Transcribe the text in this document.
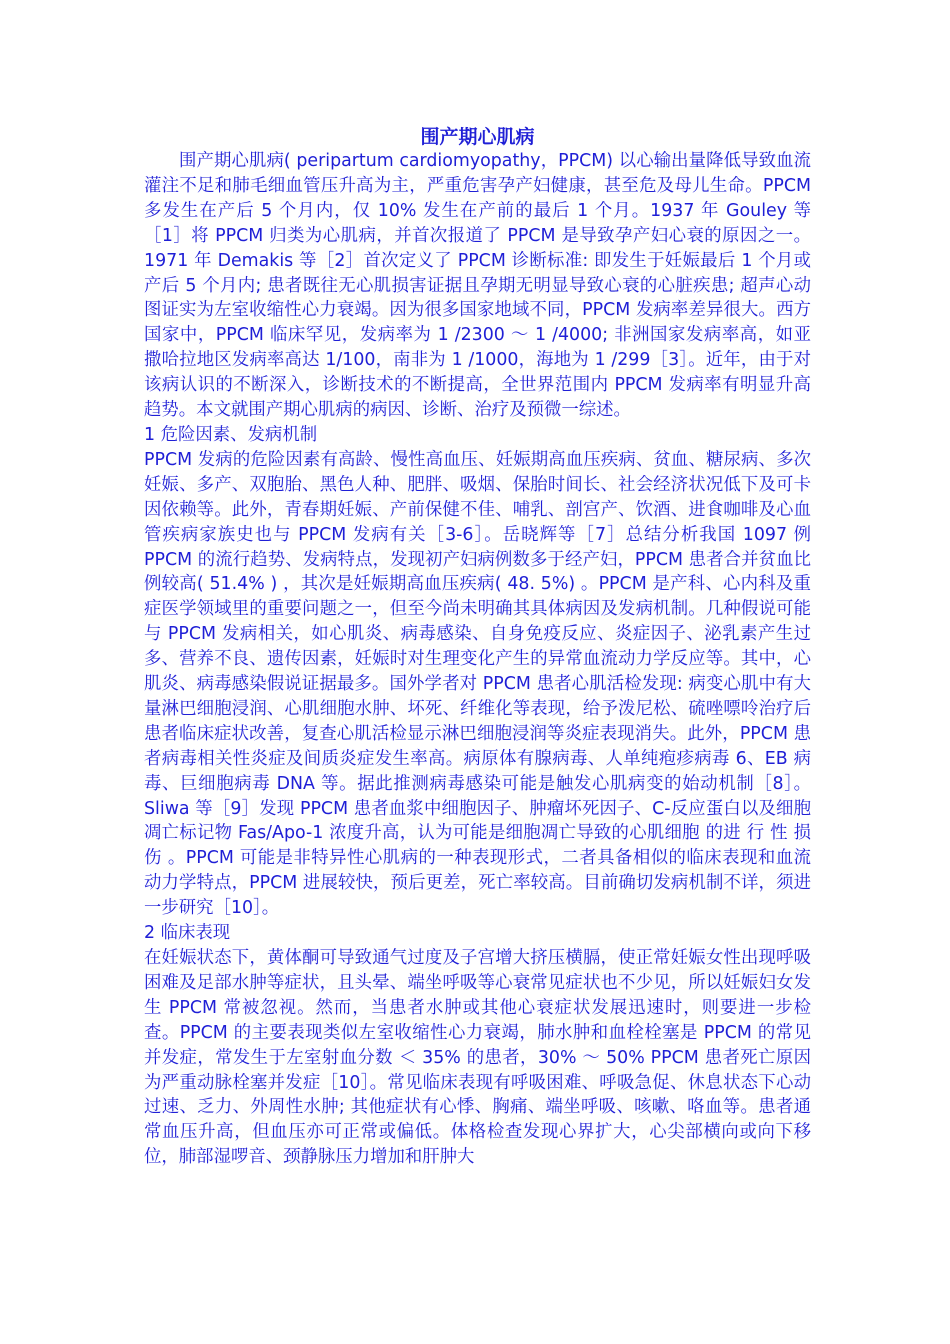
围产期心肌病

围产期心肌病( peripartum cardiomyopathy，PPCM) 以心输出量降低导致血流灌注不足和肺毛细血管压升高为主，严重危害孕产妇健康，甚至危及母儿生命。PPCM 多发生在产后 5 个月内，仅 10% 发生在产前的最后 1 个月。1937 年 Gouley 等［1］将 PPCM 归类为心肌病，并首次报道了 PPCM 是导致孕产妇心衰的原因之一。1971 年 Demakis 等［2］首次定义了 PPCM 诊断标准: 即发生于妊娠最后 1 个月或产后 5 个月内; 患者既往无心肌损害证据且孕期无明显导致心衰的心脏疾患; 超声心动图证实为左室收缩性心力衰竭。因为很多国家地域不同，PPCM 发病率差异很大。西方国家中，PPCM 临床罕见，发病率为 1 /2300 ～ 1 /4000; 非洲国家发病率高，如亚撒哈拉地区发病率高达 1/100，南非为 1 /1000，海地为 1 /299［3］。近年，由于对该病认识的不断深入，诊断技术的不断提高，全世界范围内 PPCM 发病率有明显升高趋势。本文就围产期心肌病的病因、诊断、治疗及预微一综述。

1 危险因素、发病机制

PPCM 发病的危险因素有高龄、慢性高血压、妊娠期高血压疾病、贫血、糖尿病、多次妊娠、多产、双胞胎、黑色人种、肥胖、吸烟、保胎时间长、社会经济状况低下及可卡因依赖等。此外，青春期妊娠、产前保健不佳、哺乳、剖宫产、饮酒、进食咖啡及心血管疾病家族史也与 PPCM 发病有关［3-6］。岳晓辉等［7］总结分析我国 1097 例 PPCM 的流行趋势、发病特点，发现初产妇病例数多于经产妇，PPCM 患者合并贫血比例较高( 51.4% ) ，其次是妊娠期高血压疾病( 48. 5%) 。PPCM 是产科、心内科及重症医学领域里的重要问题之一，但至今尚未明确其具体病因及发病机制。几种假说可能与 PPCM 发病相关，如心肌炎、病毒感染、自身免疫反应、炎症因子、泌乳素产生过多、营养不良、遗传因素，妊娠时对生理变化产生的异常血流动力学反应等。其中，心肌炎、病毒感染假说证据最多。国外学者对 PPCM 患者心肌活检发现: 病变心肌中有大量淋巴细胞浸润、心肌细胞水肿、坏死、纤维化等表现，给予泼尼松、硫唑嘌呤治疗后患者临床症状改善，复查心肌活检显示淋巴细胞浸润等炎症表现消失。此外，PPCM 患者病毒相关性炎症及间质炎症发生率高。病原体有腺病毒、人单纯疱疹病毒 6、EB 病毒、巨细胞病毒 DNA 等。据此推测病毒感染可能是触发心肌病变的始动机制［8］。Sliwa 等［9］发现 PPCM 患者血浆中细胞因子、肿瘤坏死因子、C-反应蛋白以及细胞凋亡标记物 Fas/Apo-1 浓度升高，认为可能是细胞凋亡导致的心肌细胞 的进 行 性 损 伤 。PPCM 可能是非特异性心肌病的一种表现形式，二者具备相似的临床表现和血流动力学特点，PPCM 进展较快，预后更差，死亡率较高。目前确切发病机制不详，须进一步研究［10］。

2 临床表现

在妊娠状态下，黄体酮可导致通气过度及子宫增大挤压横膈，使正常妊娠女性出现呼吸困难及足部水肿等症状，且头晕、端坐呼吸等心衰常见症状也不少见，所以妊娠妇女发生 PPCM 常被忽视。然而，当患者水肿或其他心衰症状发展迅速时，则要进一步检查。PPCM 的主要表现类似左室收缩性心力衰竭，肺水肿和血栓栓塞是 PPCM 的常见并发症，常发生于左室射血分数 ＜ 35% 的患者，30% ～ 50% PPCM 患者死亡原因为严重动脉栓塞并发症［10］。常见临床表现有呼吸困难、呼吸急促、休息状态下心动过速、乏力、外周性水肿; 其他症状有心悸、胸痛、端坐呼吸、咳嗽、咯血等。患者通常血压升高，但血压亦可正常或偏低。体格检查发现心界扩大，心尖部横向或向下移位，肺部湿啰音、颈静脉压力增加和肝肿大
